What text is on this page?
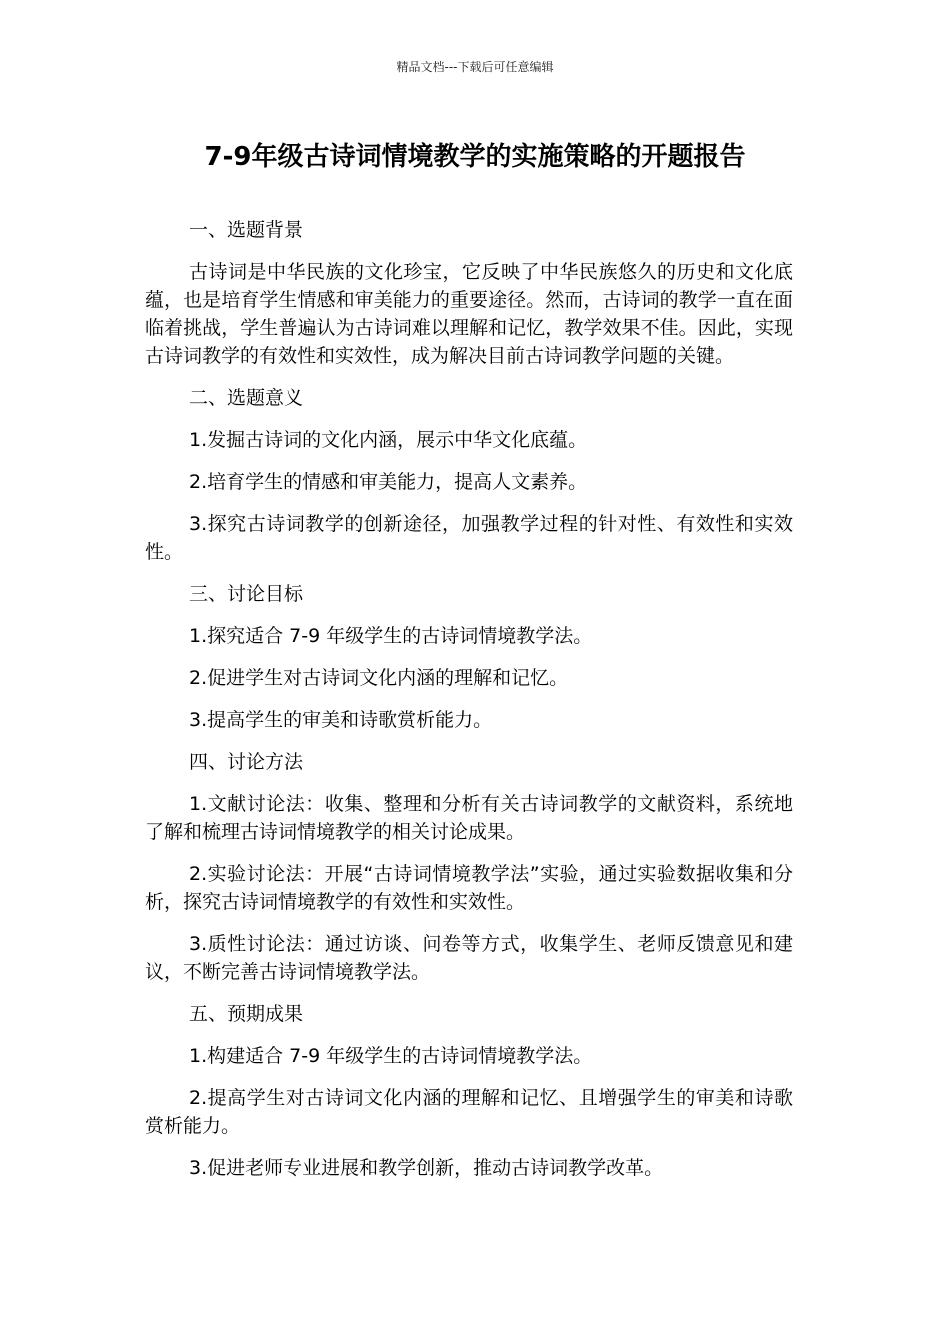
精品文档---下载后可任意编辑
7-9年级古诗词情境教学的实施策略的开题报告

一、选题背景

古诗词是中华民族的文化珍宝，它反映了中华民族悠久的历史和文化底蕴，也是培育学生情感和审美能力的重要途径。然而，古诗词的教学一直在面临着挑战，学生普遍认为古诗词难以理解和记忆，教学效果不佳。因此，实现古诗词教学的有效性和实效性，成为解决目前古诗词教学问题的关键。

二、选题意义

1.发掘古诗词的文化内涵，展示中华文化底蕴。

2.培育学生的情感和审美能力，提高人文素养。

3.探究古诗词教学的创新途径，加强教学过程的针对性、有效性和实效性。

三、讨论目标

1.探究适合 7-9 年级学生的古诗词情境教学法。

2.促进学生对古诗词文化内涵的理解和记忆。

3.提高学生的审美和诗歌赏析能力。

四、讨论方法

1.文献讨论法：收集、整理和分析有关古诗词教学的文献资料，系统地了解和梳理古诗词情境教学的相关讨论成果。

2.实验讨论法：开展“古诗词情境教学法”实验，通过实验数据收集和分析，探究古诗词情境教学的有效性和实效性。

3.质性讨论法：通过访谈、问卷等方式，收集学生、老师反馈意见和建议，不断完善古诗词情境教学法。

五、预期成果

1.构建适合 7-9 年级学生的古诗词情境教学法。

2.提高学生对古诗词文化内涵的理解和记忆、且增强学生的审美和诗歌赏析能力。

3.促进老师专业进展和教学创新，推动古诗词教学改革。
